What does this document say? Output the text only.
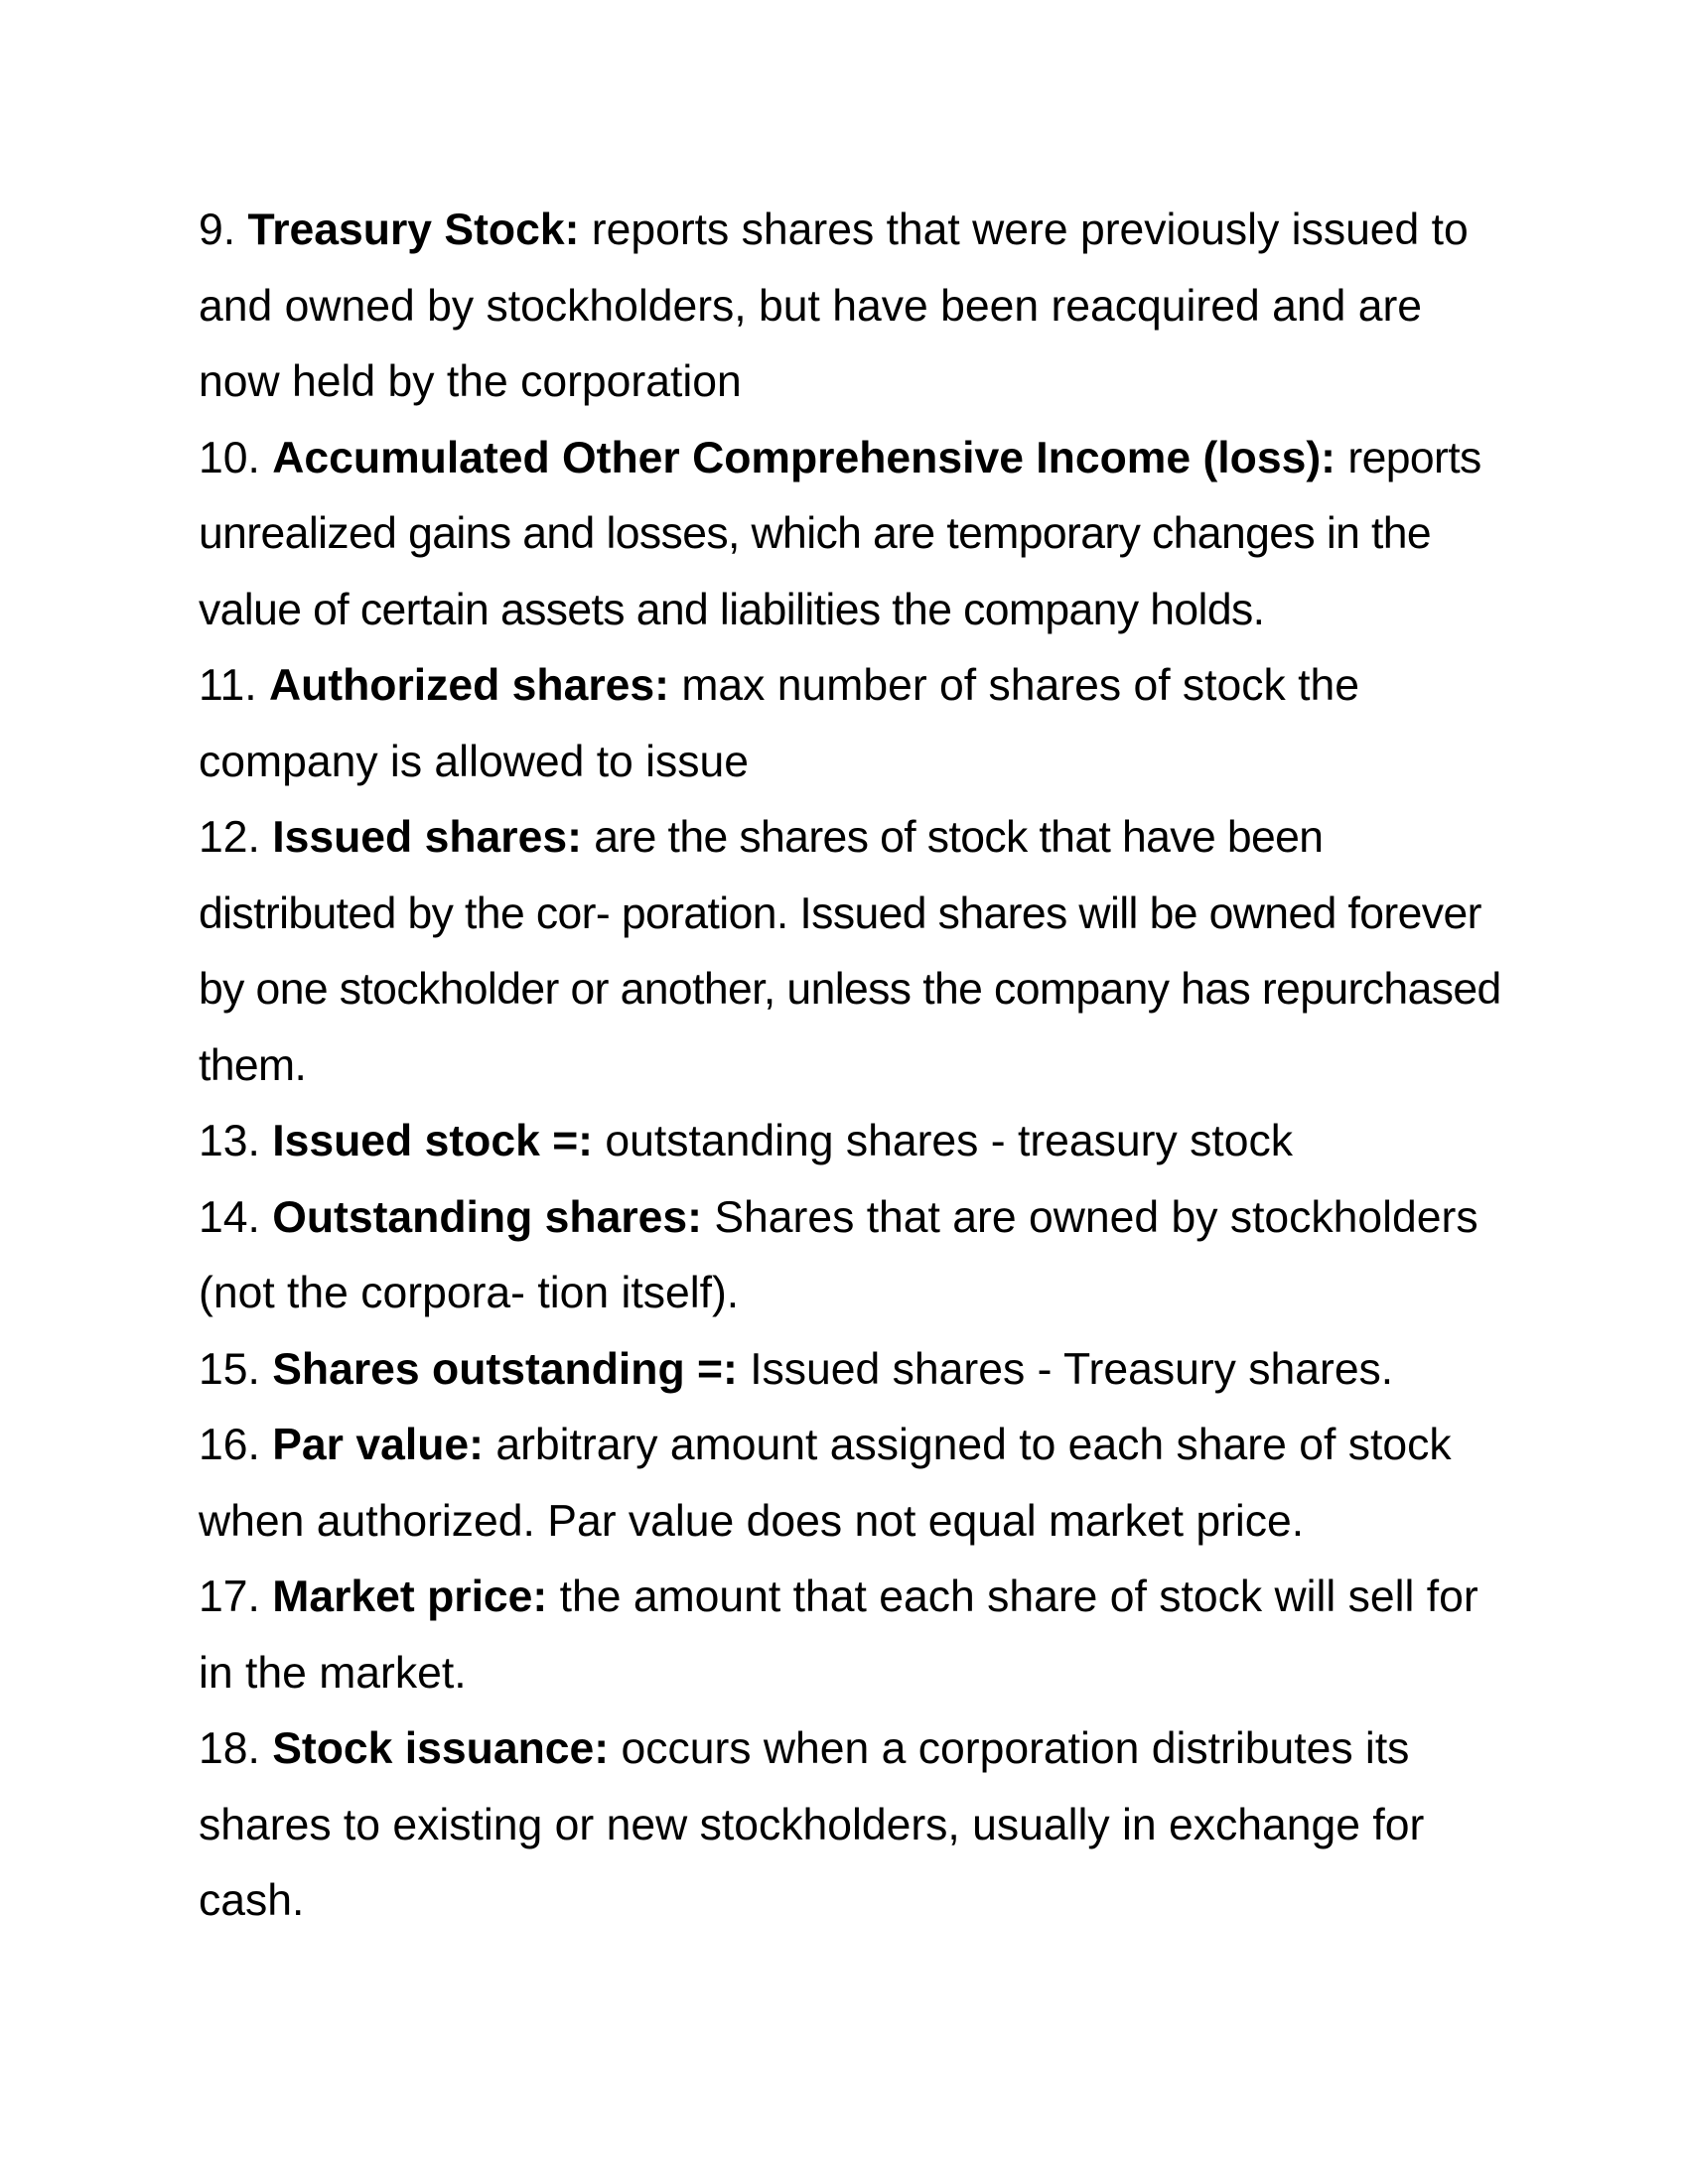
9. Treasury Stock: reports shares that were previously issued to and owned by stockholders, but have been reacquired and are now held by the corporation

10. Accumulated Other Comprehensive Income (loss): reports unrealized gains and losses, which are temporary changes in the value of certain assets and liabilities the company holds.

11. Authorized shares: max number of shares of stock the company is allowed to issue

12. Issued shares: are the shares of stock that have been distributed by the cor- poration. Issued shares will be owned forever by one stockholder or another, unless the company has repurchased them.

13. Issued stock =: outstanding shares - treasury stock

14. Outstanding shares: Shares that are owned by stockholders (not the corpora- tion itself).

15. Shares outstanding =: Issued shares - Treasury shares.

16. Par value: arbitrary amount assigned to each share of stock when authorized. Par value does not equal market price.

17. Market price: the amount that each share of stock will sell for in the market.

18. Stock issuance: occurs when a corporation distributes its shares to existing or new stockholders, usually in exchange for cash.
